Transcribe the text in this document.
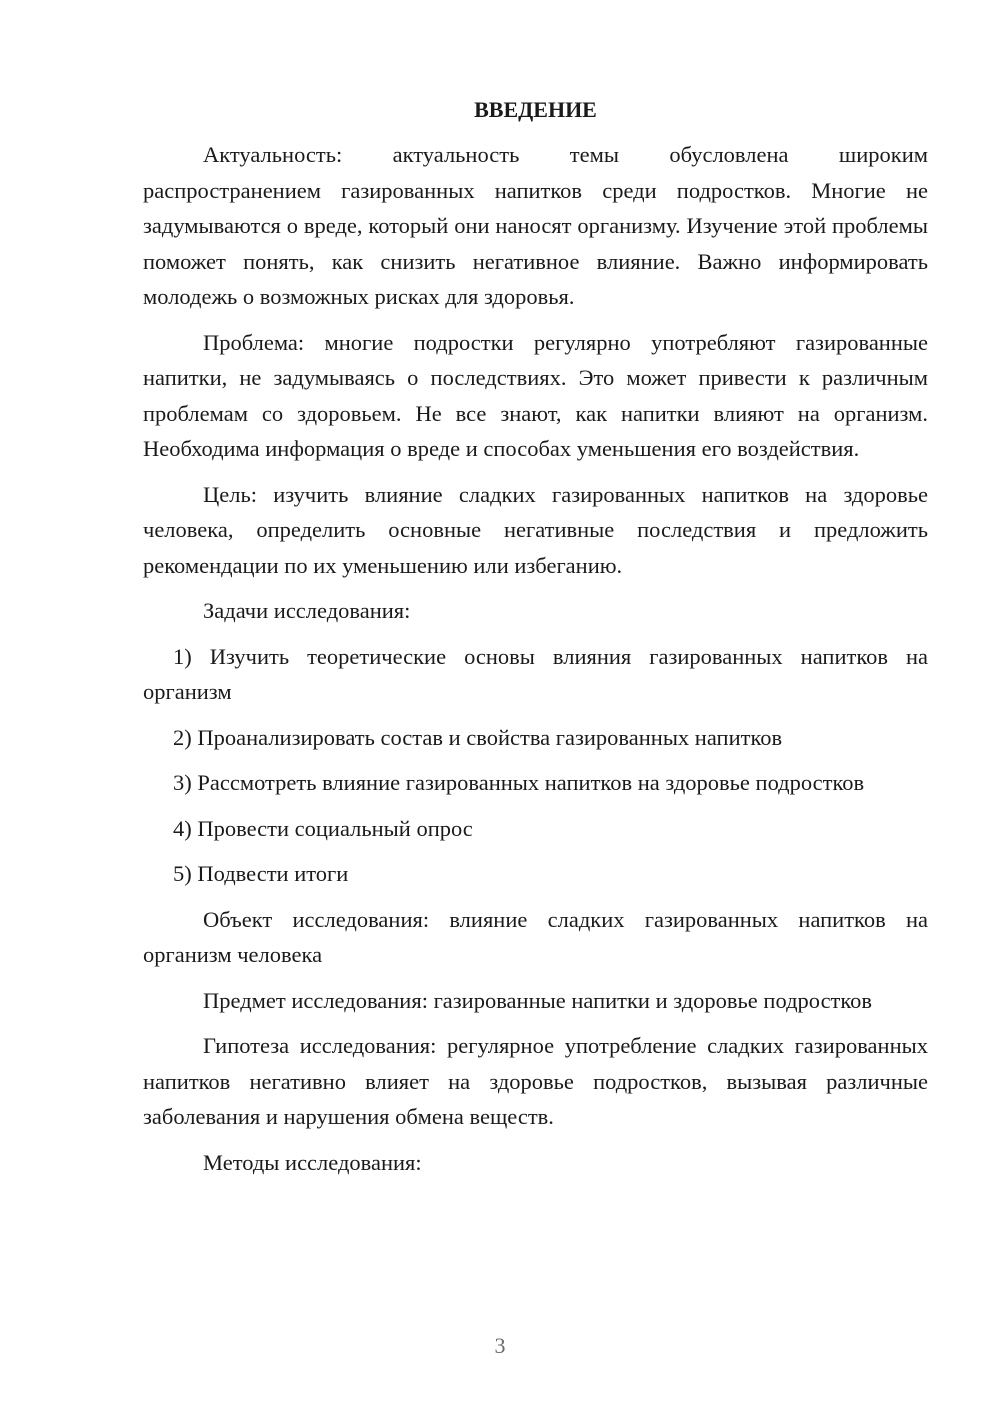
ВВЕДЕНИЕ

Актуальность: актуальность темы обусловлена широким распространением газированных напитков среди подростков. Многие не задумываются о вреде, который они наносят организму. Изучение этой проблемы поможет понять, как снизить негативное влияние. Важно информировать молодежь о возможных рисках для здоровья.

Проблема: многие подростки регулярно употребляют газированные напитки, не задумываясь о последствиях. Это может привести к различным проблемам со здоровьем. Не все знают, как напитки влияют на организм. Необходима информация о вреде и способах уменьшения его воздействия.

Цель: изучить влияние сладких газированных напитков на здоровье человека, определить основные негативные последствия и предложить рекомендации по их уменьшению или избеганию.

Задачи исследования:

1) Изучить теоретические основы влияния газированных напитков на организм

2) Проанализировать состав и свойства газированных напитков

3) Рассмотреть влияние газированных напитков на здоровье подростков

4) Провести социальный опрос

5) Подвести итоги

Объект исследования: влияние сладких газированных напитков на организм человека

Предмет исследования: газированные напитки и здоровье подростков

Гипотеза исследования: регулярное употребление сладких газированных напитков негативно влияет на здоровье подростков, вызывая различные заболевания и нарушения обмена веществ.

Методы исследования:

3
